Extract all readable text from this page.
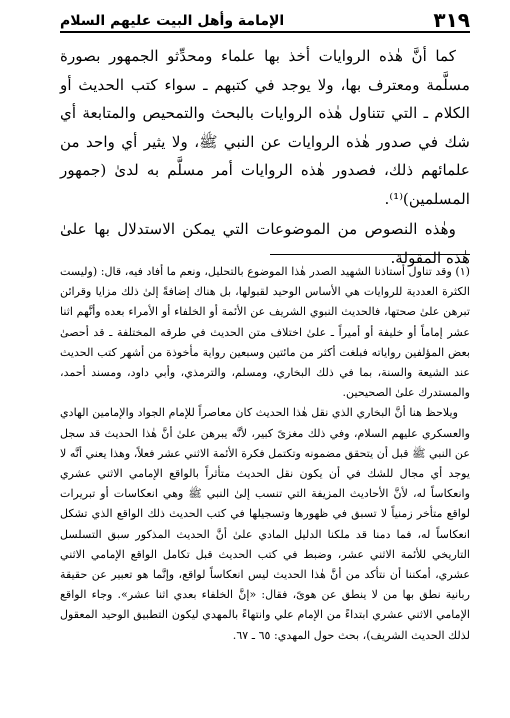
٣١٩
الإمامة وأهل البيت عليهم السلام

كما أنَّ هٰذه الروايات أخذ بها علماء ومحدِّثو الجمهور بصورة مسلَّمة ومعترف بها، ولا يوجد في كتبهم ـ سواء كتب الحديث أو الكلام ـ التي تتناول هٰذه الروايات بالبحث والتمحيص والمتابعة أي شك في صدور هٰذه الروايات عن النبي ﷺ، ولا يثير أي واحد من علمائهم ذلك، فصدور هٰذه الروايات أمر مسلَّم به لدىٰ (جمهور المسلمين)⁽¹⁾.

وهٰذه النصوص من الموضوعات التي يمكن الاستدلال بها علىٰ هٰذه المقولة.

(١) وقد تناول أستاذنا الشهيد الصدر هٰذا الموضوع بالتحليل، ونعم ما أفاد فيه، قال: (وليست الكثرة العددية للروايات هي الأساس الوحيد لقبولها، بل هناك إضافةً إلىٰ ذلك مزايا وقرائن تبرهن علىٰ صحتها، فالحديث النبوي الشريف عن الأئمة أو الخلفاء أو الأمراء بعده وأنَّهم اثنا عشر إماماً أو خليفة أو أميراً ـ علىٰ اختلاف متن الحديث في طرقه المختلفة ـ قد أحصىٰ بعض المؤلفين رواياته فبلغت أكثر من مائتين وسبعين رواية مأخوذة من أشهر كتب الحديث عند الشيعة والسنة، بما في ذلك البخاري، ومسلم، والترمذي، وأبي داود، ومسند أحمد، والمستدرك علىٰ الصحيحين.

ويلاحظ هنا أنَّ البخاري الذي نقل هٰذا الحديث كان معاصراً للإمام الجواد والإمامين الهادي والعسكري عليهم السلام، وفي ذلك مغزىً كبير، لأنَّه يبرهن علىٰ أنَّ هٰذا الحديث قد سجل عن النبي ﷺ قبل أن يتحقق مضمونه وتكتمل فكرة الأئمة الاثني عشر فعلاً، وهذا يعني أنَّه لا يوجد أي مجال للشك في أن يكون نقل الحديث متأثراً بالواقع الإمامي الاثني عشري وانعكاساً له، لأنَّ الأحاديث المزيفة التي تنسب إلىٰ النبي ﷺ وهي انعكاسات أو تبريرات لواقع متأخر زمنياً لا تسبق في ظهورها وتسجيلها في كتب الحديث ذلك الواقع الذي تشكل انعكاساً له، فما دمنا قد ملكنا الدليل المادي علىٰ أنَّ الحديث المذكور سبق التسلسل التاريخي للأئمة الاثني عشر، وضبط في كتب الحديث قبل تكامل الواقع الإمامي الاثني عشري، أمكننا أن نتأكد من أنَّ هٰذا الحديث ليس انعكاساً لواقع، وإنَّما هو تعبير عن حقيقة ربانية نطق بها من لا ينطق عن هوىً، فقال: «إنَّ الخلفاء بعدي اثنا عشر». وجاء الواقع الإمامي الاثني عشري ابتداءً من الإمام علي وانتهاءً بالمهدي ليكون التطبيق الوحيد المعقول لذلك الحديث الشريف)، بحث حول المهدي: ٦٥ ـ ٦٧.
